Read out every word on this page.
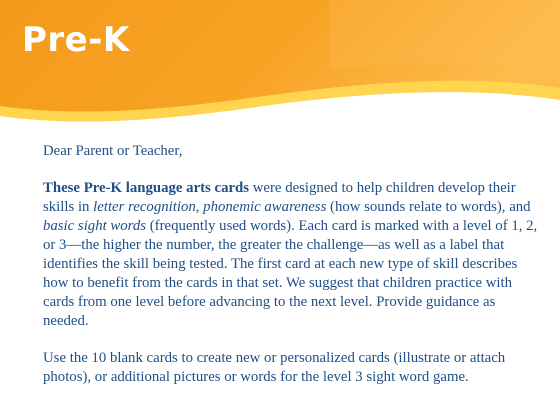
Pre-K

Dear Parent or Teacher,

These Pre-K language arts cards were designed to help children develop their skills in letter recognition, phonemic awareness (how sounds relate to words), and basic sight words (frequently used words). Each card is marked with a level of 1, 2, or 3—the higher the number, the greater the challenge—as well as a label that identifies the skill being tested. The first card at each new type of skill describes how to benefit from the cards in that set. We suggest that children practice with cards from one level before advancing to the next level. Provide guidance as needed.

Use the 10 blank cards to create new or personalized cards (illustrate or attach photos), or additional pictures or words for the level 3 sight word game.
